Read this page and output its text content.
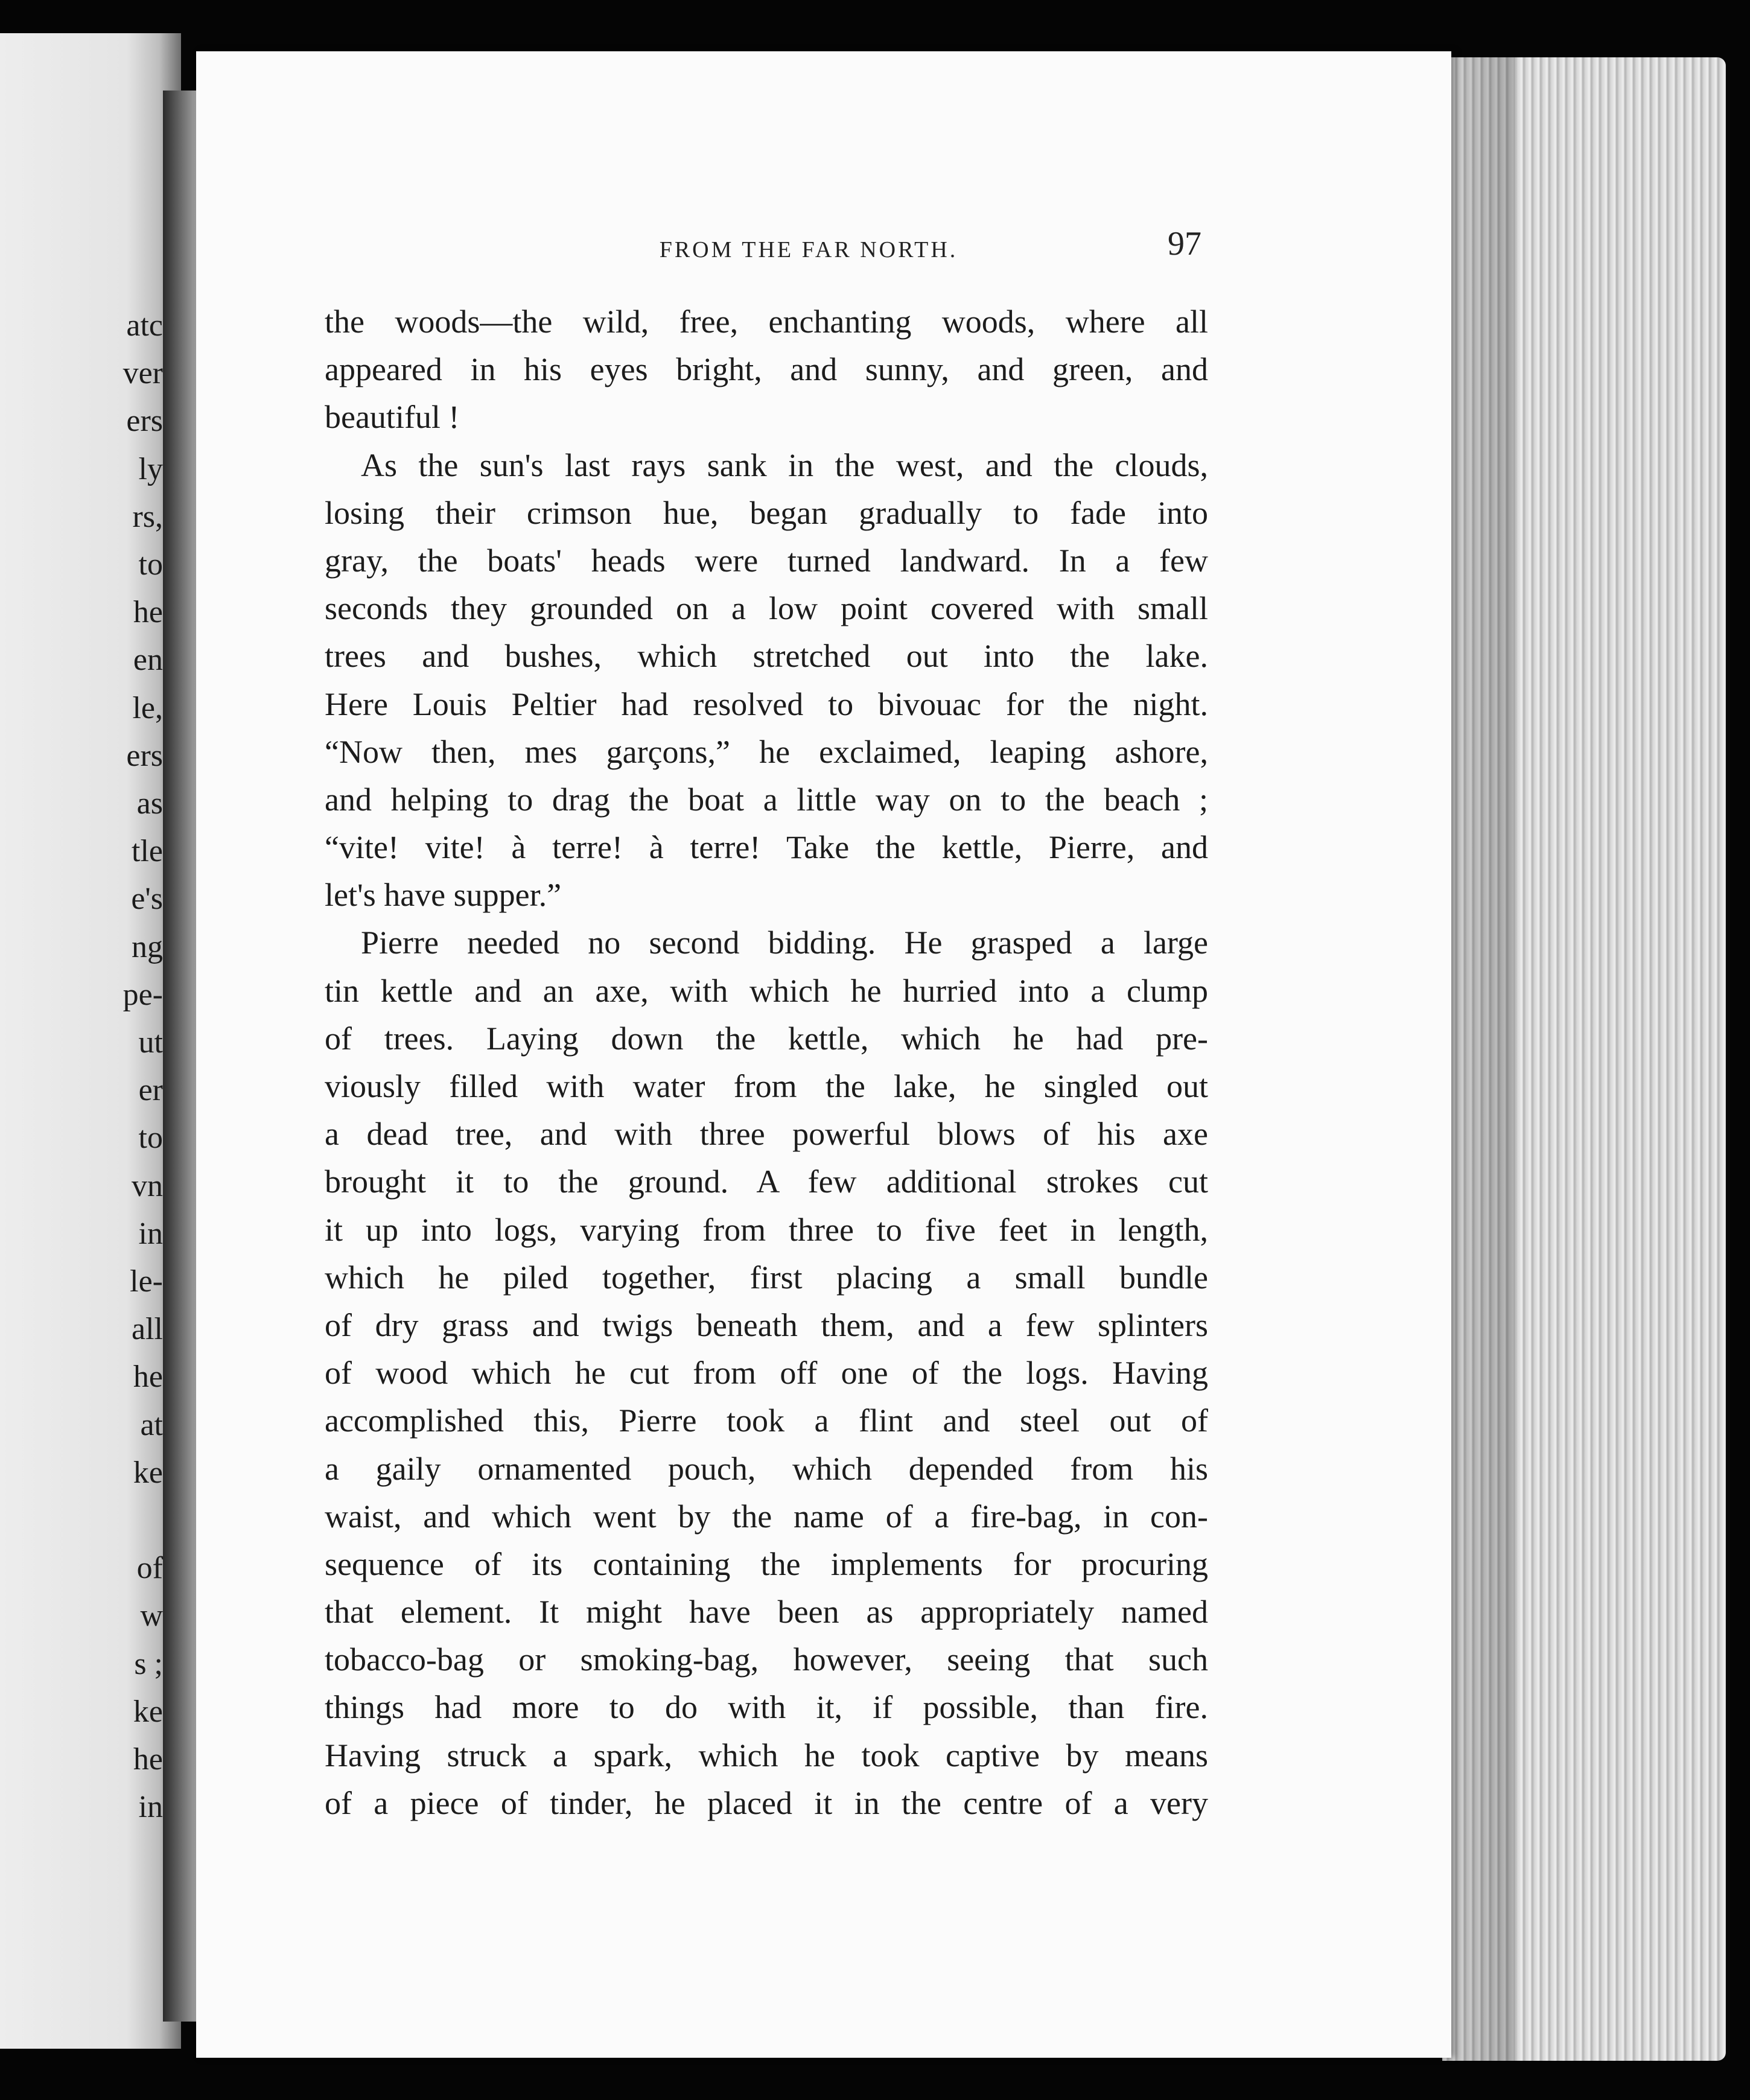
atc
ver
ers
ly
rs,
to
he
en
le,
ers
as
tle
e's
ng
pe-
ut
er
to
vn
in
le-
all
he
at
ke
of
w
s ;
ke
he
in
FROM THE FAR NORTH.	97
the woods—the wild, free, enchanting woods, where all
appeared in his eyes bright, and sunny, and green, and
beautiful !
As the sun's last rays sank in the west, and the clouds,
losing their crimson hue, began gradually to fade into
gray, the boats' heads were turned landward. In a few
seconds they grounded on a low point covered with small
trees and bushes, which stretched out into the lake.
Here Louis Peltier had resolved to bivouac for the night.
“Now then, mes garçons,” he exclaimed, leaping ashore,
and helping to drag the boat a little way on to the beach ;
“vite! vite! à terre! à terre! Take the kettle, Pierre, and
let's have supper.”
Pierre needed no second bidding. He grasped a large
tin kettle and an axe, with which he hurried into a clump
of trees. Laying down the kettle, which he had pre-
viously filled with water from the lake, he singled out
a dead tree, and with three powerful blows of his axe
brought it to the ground. A few additional strokes cut
it up into logs, varying from three to five feet in length,
which he piled together, first placing a small bundle
of dry grass and twigs beneath them, and a few splinters
of wood which he cut from off one of the logs. Having
accomplished this, Pierre took a flint and steel out of
a gaily ornamented pouch, which depended from his
waist, and which went by the name of a fire-bag, in con-
sequence of its containing the implements for procuring
that element. It might have been as appropriately named
tobacco-bag or smoking-bag, however, seeing that such
things had more to do with it, if possible, than fire.
Having struck a spark, which he took captive by means
of a piece of tinder, he placed it in the centre of a very
